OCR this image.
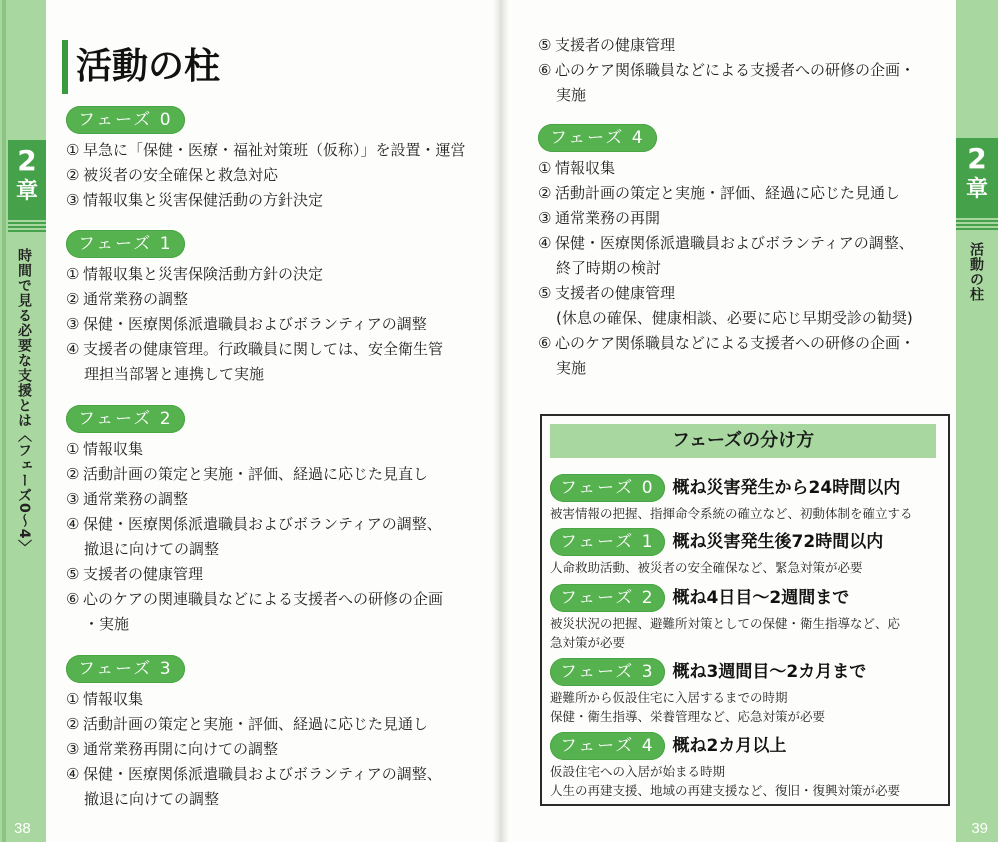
2
章
時間で見る必要な支援とは〈フェーズ0〜4〉
38
2
章
活動の柱
39
活動の柱
フェーズ 0
① 早急に「保健・医療・福祉対策班（仮称）」を設置・運営
② 被災者の安全確保と救急対応
③ 情報収集と災害保健活動の方針決定
フェーズ 1
① 情報収集と災害保険活動方針の決定
② 通常業務の調整
③ 保健・医療関係派遣職員およびボランティアの調整
④ 支援者の健康管理。行政職員に関しては、安全衛生管
理担当部署と連携して実施
フェーズ 2
① 情報収集
② 活動計画の策定と実施・評価、経過に応じた見直し
③ 通常業務の調整
④ 保健・医療関係派遣職員およびボランティアの調整、
撤退に向けての調整
⑤ 支援者の健康管理
⑥ 心のケアの関連職員などによる支援者への研修の企画
・実施
フェーズ 3
① 情報収集
② 活動計画の策定と実施・評価、経過に応じた見通し
③ 通常業務再開に向けての調整
④ 保健・医療関係派遣職員およびボランティアの調整、
撤退に向けての調整
⑤ 支援者の健康管理
⑥ 心のケア関係職員などによる支援者への研修の企画・
実施
フェーズ 4
① 情報収集
② 活動計画の策定と実施・評価、経過に応じた見通し
③ 通常業務の再開
④ 保健・医療関係派遣職員およびボランティアの調整、
終了時期の検討
⑤ 支援者の健康管理
(休息の確保、健康相談、必要に応じ早期受診の勧奨)
⑥ 心のケア関係職員などによる支援者への研修の企画・
実施
フェーズの分け方
フェーズ 0 概ね災害発生から24時間以内
被害情報の把握、指揮命令系統の確立など、初動体制を確立する
フェーズ 1 概ね災害発生後72時間以内
人命救助活動、被災者の安全確保など、緊急対策が必要
フェーズ 2 概ね4日目〜2週間まで
被災状況の把握、避難所対策としての保健・衛生指導など、応
急対策が必要
フェーズ 3 概ね3週間目〜2カ月まで
避難所から仮設住宅に入居するまでの時期
保健・衛生指導、栄養管理など、応急対策が必要
フェーズ 4 概ね2カ月以上
仮設住宅への入居が始まる時期
人生の再建支援、地域の再建支援など、復旧・復興対策が必要
